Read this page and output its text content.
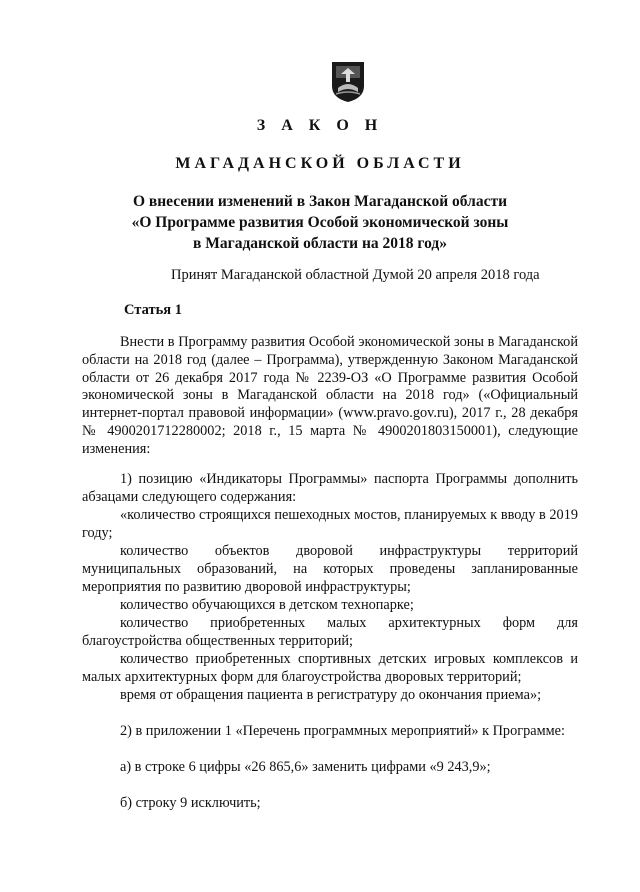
З А К О Н
МАГАДАНСКОЙ ОБЛАСТИ
О внесении изменений в Закон Магаданской области
«О Программе развития Особой экономической зоны
в Магаданской области на 2018 год»
Принят Магаданской областной Думой 20 апреля 2018 года
Статья 1

Внести в Программу развития Особой экономической зоны в Магаданской области на 2018 год (далее – Программа), утвержденную Законом Магаданской области от 26 декабря 2017 года № 2239-ОЗ «О Программе развития Особой экономической зоны в Магаданской области на 2018 год» («Официальный интернет-портал правовой информации» (www.pravo.gov.ru), 2017 г., 28 декабря № 4900201712280002; 2018 г., 15 марта № 4900201803150001), следующие изменения:

1) позицию «Индикаторы Программы» паспорта Программы дополнить абзацами следующего содержания:

«количество строящихся пешеходных мостов, планируемых к вводу в 2019 году;

количество объектов дворовой инфраструктуры территорий муниципальных образований, на которых проведены запланированные мероприятия по развитию дворовой инфраструктуры;

количество обучающихся в детском технопарке;

количество приобретенных малых архитектурных форм для благоустройства общественных территорий;

количество приобретенных спортивных детских игровых комплексов и малых архитектурных форм для благоустройства дворовых территорий;

время от обращения пациента в регистратуру до окончания приема»;

2) в приложении 1 «Перечень программных мероприятий» к Программе:

а) в строке 6 цифры «26 865,6» заменить цифрами «9 243,9»;

б) строку 9 исключить;
